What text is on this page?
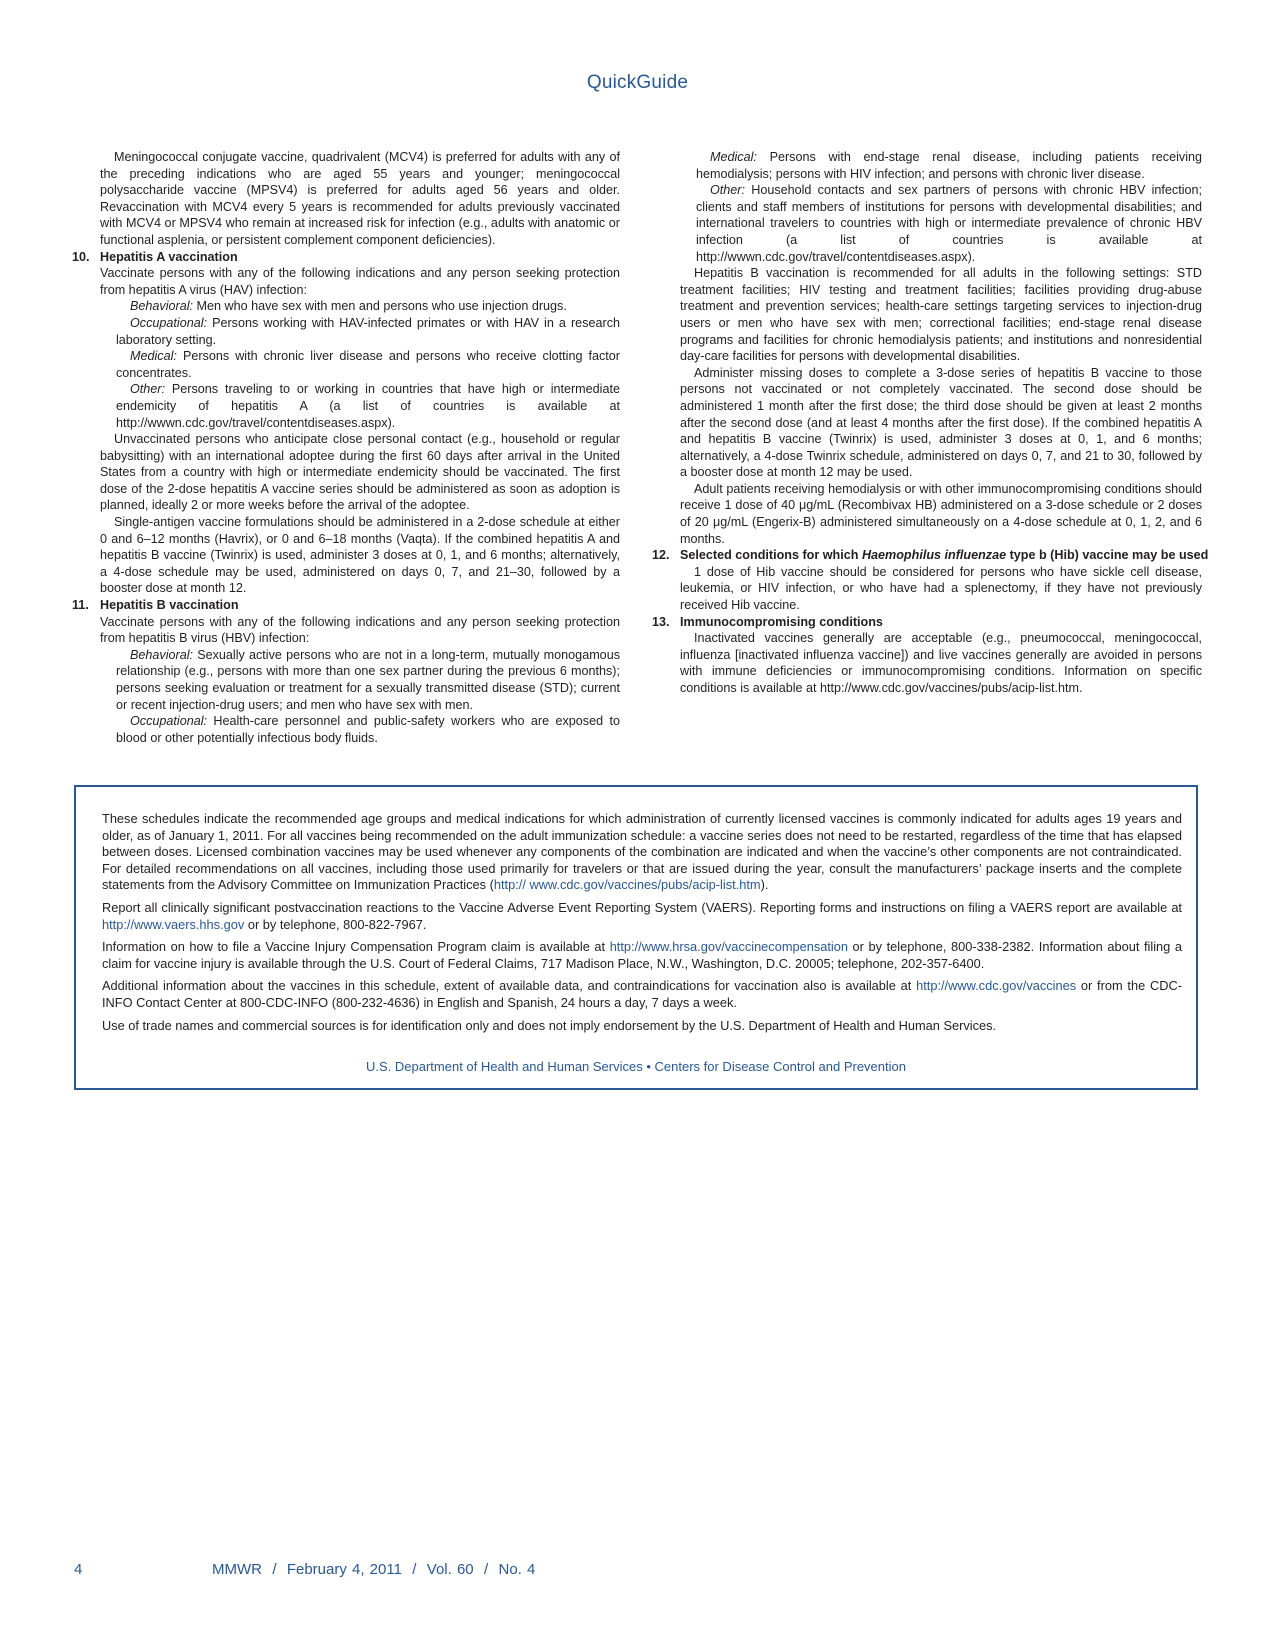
QuickGuide

Meningococcal conjugate vaccine, quadrivalent (MCV4) is preferred for adults with any of the preceding indications who are aged 55 years and younger; meningococcal polysaccharide vaccine (MPSV4) is preferred for adults aged 56 years and older. Revaccination with MCV4 every 5 years is recommended for adults previously vaccinated with MCV4 or MPSV4 who remain at increased risk for infection (e.g., adults with anatomic or functional asplenia, or persistent complement component deficiencies).

10. Hepatitis A vaccination

Vaccinate persons with any of the following indications and any person seeking protection from hepatitis A virus (HAV) infection:

Behavioral: Men who have sex with men and persons who use injection drugs.

Occupational: Persons working with HAV-infected primates or with HAV in a research laboratory setting.

Medical: Persons with chronic liver disease and persons who receive clotting factor concentrates.

Other: Persons traveling to or working in countries that have high or intermediate endemicity of hepatitis A (a list of countries is available at http://wwwn.cdc.gov/travel/contentdiseases.aspx).

Unvaccinated persons who anticipate close personal contact (e.g., household or regular babysitting) with an international adoptee during the first 60 days after arrival in the United States from a country with high or intermediate endemicity should be vaccinated. The first dose of the 2-dose hepatitis A vaccine series should be administered as soon as adoption is planned, ideally 2 or more weeks before the arrival of the adoptee.

Single-antigen vaccine formulations should be administered in a 2-dose schedule at either 0 and 6–12 months (Havrix), or 0 and 6–18 months (Vaqta). If the combined hepatitis A and hepatitis B vaccine (Twinrix) is used, administer 3 doses at 0, 1, and 6 months; alternatively, a 4-dose schedule may be used, administered on days 0, 7, and 21–30, followed by a booster dose at month 12.

11. Hepatitis B vaccination

Vaccinate persons with any of the following indications and any person seeking protection from hepatitis B virus (HBV) infection:

Behavioral: Sexually active persons who are not in a long-term, mutually monogamous relationship (e.g., persons with more than one sex partner during the previous 6 months); persons seeking evaluation or treatment for a sexually transmitted disease (STD); current or recent injection-drug users; and men who have sex with men.

Occupational: Health-care personnel and public-safety workers who are exposed to blood or other potentially infectious body fluids.

Medical: Persons with end-stage renal disease, including patients receiving hemodialysis; persons with HIV infection; and persons with chronic liver disease.

Other: Household contacts and sex partners of persons with chronic HBV infection; clients and staff members of institutions for persons with developmental disabilities; and international travelers to countries with high or intermediate prevalence of chronic HBV infection (a list of countries is available at http://wwwn.cdc.gov/travel/contentdiseases.aspx).

Hepatitis B vaccination is recommended for all adults in the following settings: STD treatment facilities; HIV testing and treatment facilities; facilities providing drug-abuse treatment and prevention services; health-care settings targeting services to injection-drug users or men who have sex with men; correctional facilities; end-stage renal disease programs and facilities for chronic hemodialysis patients; and institutions and nonresidential day-care facilities for persons with developmental disabilities.

Administer missing doses to complete a 3-dose series of hepatitis B vaccine to those persons not vaccinated or not completely vaccinated. The second dose should be administered 1 month after the first dose; the third dose should be given at least 2 months after the second dose (and at least 4 months after the first dose). If the combined hepatitis A and hepatitis B vaccine (Twinrix) is used, administer 3 doses at 0, 1, and 6 months; alternatively, a 4-dose Twinrix schedule, administered on days 0, 7, and 21 to 30, followed by a booster dose at month 12 may be used.

Adult patients receiving hemodialysis or with other immunocompromising conditions should receive 1 dose of 40 μg/mL (Recombivax HB) administered on a 3-dose schedule or 2 doses of 20 μg/mL (Engerix-B) administered simultaneously on a 4-dose schedule at 0, 1, 2, and 6 months.

12. Selected conditions for which Haemophilus influenzae type b (Hib) vaccine may be used

1 dose of Hib vaccine should be considered for persons who have sickle cell disease, leukemia, or HIV infection, or who have had a splenectomy, if they have not previously received Hib vaccine.

13. Immunocompromising conditions

Inactivated vaccines generally are acceptable (e.g., pneumococcal, meningococcal, influenza [inactivated influenza vaccine]) and live vaccines generally are avoided in persons with immune deficiencies or immunocompromising conditions. Information on specific conditions is available at http://www.cdc.gov/vaccines/pubs/acip-list.htm.

These schedules indicate the recommended age groups and medical indications for which administration of currently licensed vaccines is commonly indicated for adults ages 19 years and older, as of January 1, 2011. For all vaccines being recommended on the adult immunization schedule: a vaccine series does not need to be restarted, regardless of the time that has elapsed between doses. Licensed combination vaccines may be used whenever any components of the combination are indicated and when the vaccine’s other components are not contraindicated. For detailed recommendations on all vaccines, including those used primarily for travelers or that are issued during the year, consult the manufacturers’ package inserts and the complete statements from the Advisory Committee on Immunization Practices (http:// www.cdc.gov/vaccines/pubs/acip-list.htm).

Report all clinically significant postvaccination reactions to the Vaccine Adverse Event Reporting System (VAERS). Reporting forms and instructions on filing a VAERS report are available at http://www.vaers.hhs.gov or by telephone, 800-822-7967.

Information on how to file a Vaccine Injury Compensation Program claim is available at http://www.hrsa.gov/vaccinecompensation or by telephone, 800-338-2382. Information about filing a claim for vaccine injury is available through the U.S. Court of Federal Claims, 717 Madison Place, N.W., Washington, D.C. 20005; telephone, 202-357-6400.

Additional information about the vaccines in this schedule, extent of available data, and contraindications for vaccination also is available at http://www.cdc.gov/vaccines or from the CDC-INFO Contact Center at 800-CDC-INFO (800-232-4636) in English and Spanish, 24 hours a day, 7 days a week.

Use of trade names and commercial sources is for identification only and does not imply endorsement by the U.S. Department of Health and Human Services.

U.S. Department of Health and Human Services • Centers for Disease Control and Prevention
4	MMWR  /  February 4, 2011  /  Vol. 60  /  No. 4
